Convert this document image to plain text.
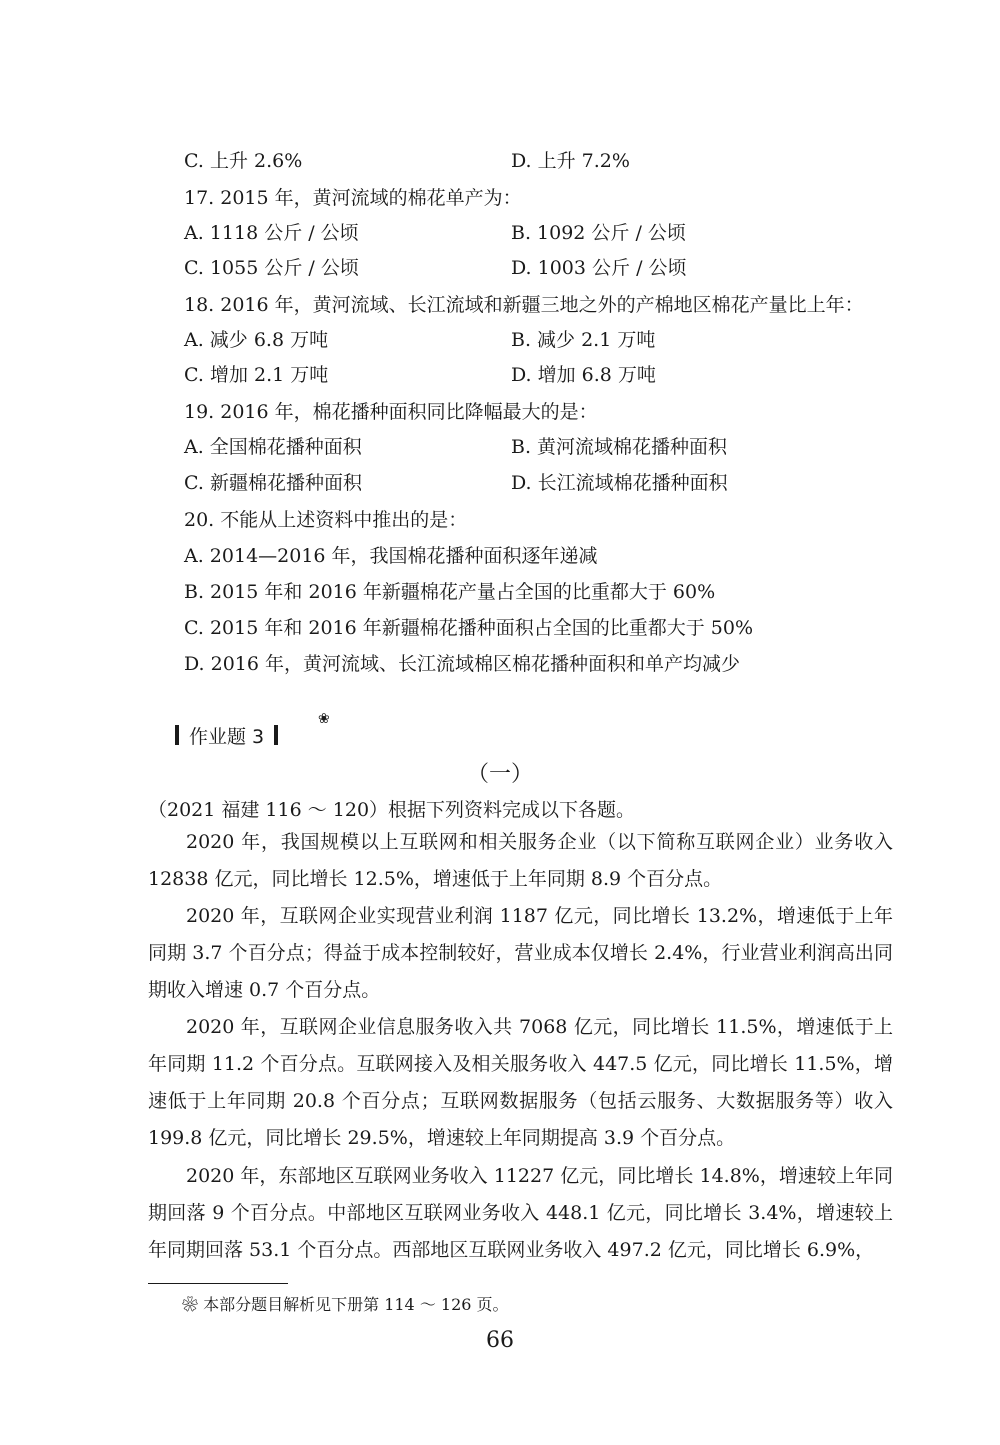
C. 上升 2.6%	D. 上升 7.2%
17. 2015 年，黄河流域的棉花单产为：
A. 1118 公斤 / 公顷	B. 1092 公斤 / 公顷
C. 1055 公斤 / 公顷	D. 1003 公斤 / 公顷
18. 2016 年，黄河流域、长江流域和新疆三地之外的产棉地区棉花产量比上年：
A. 减少 6.8 万吨	B. 减少 2.1 万吨
C. 增加 2.1 万吨	D. 增加 6.8 万吨
19. 2016 年，棉花播种面积同比降幅最大的是：
A. 全国棉花播种面积	B. 黄河流域棉花播种面积
C. 新疆棉花播种面积	D. 长江流域棉花播种面积
20. 不能从上述资料中推出的是：
A. 2014—2016 年，我国棉花播种面积逐年递减
B. 2015 年和 2016 年新疆棉花产量占全国的比重都大于 60%
C. 2015 年和 2016 年新疆棉花播种面积占全国的比重都大于 50%
D. 2016 年，黄河流域、长江流域棉区棉花播种面积和单产均减少
作业题 3
❀
（一）
（2021 福建 116 ～ 120）根据下列资料完成以下各题。
2020 年，我国规模以上互联网和相关服务企业（以下简称互联网企业）业务收入 12838 亿元，同比增长 12.5%，增速低于上年同期 8.9 个百分点。
2020 年，互联网企业实现营业利润 1187 亿元，同比增长 13.2%，增速低于上年同期 3.7 个百分点；得益于成本控制较好，营业成本仅增长 2.4%，行业营业利润高出同期收入增速 0.7 个百分点。
2020 年，互联网企业信息服务收入共 7068 亿元，同比增长 11.5%，增速低于上年同期 11.2 个百分点。互联网接入及相关服务收入 447.5 亿元，同比增长 11.5%，增速低于上年同期 20.8 个百分点；互联网数据服务（包括云服务、大数据服务等）收入 199.8 亿元，同比增长 29.5%，增速较上年同期提高 3.9 个百分点。
2020 年，东部地区互联网业务收入 11227 亿元，同比增长 14.8%，增速较上年同期回落 9 个百分点。中部地区互联网业务收入 448.1 亿元，同比增长 3.4%，增速较上年同期回落 53.1 个百分点。西部地区互联网业务收入 497.2 亿元，同比增长 6.9%，
❀ 本部分题目解析见下册第 114 ～ 126 页。
66
